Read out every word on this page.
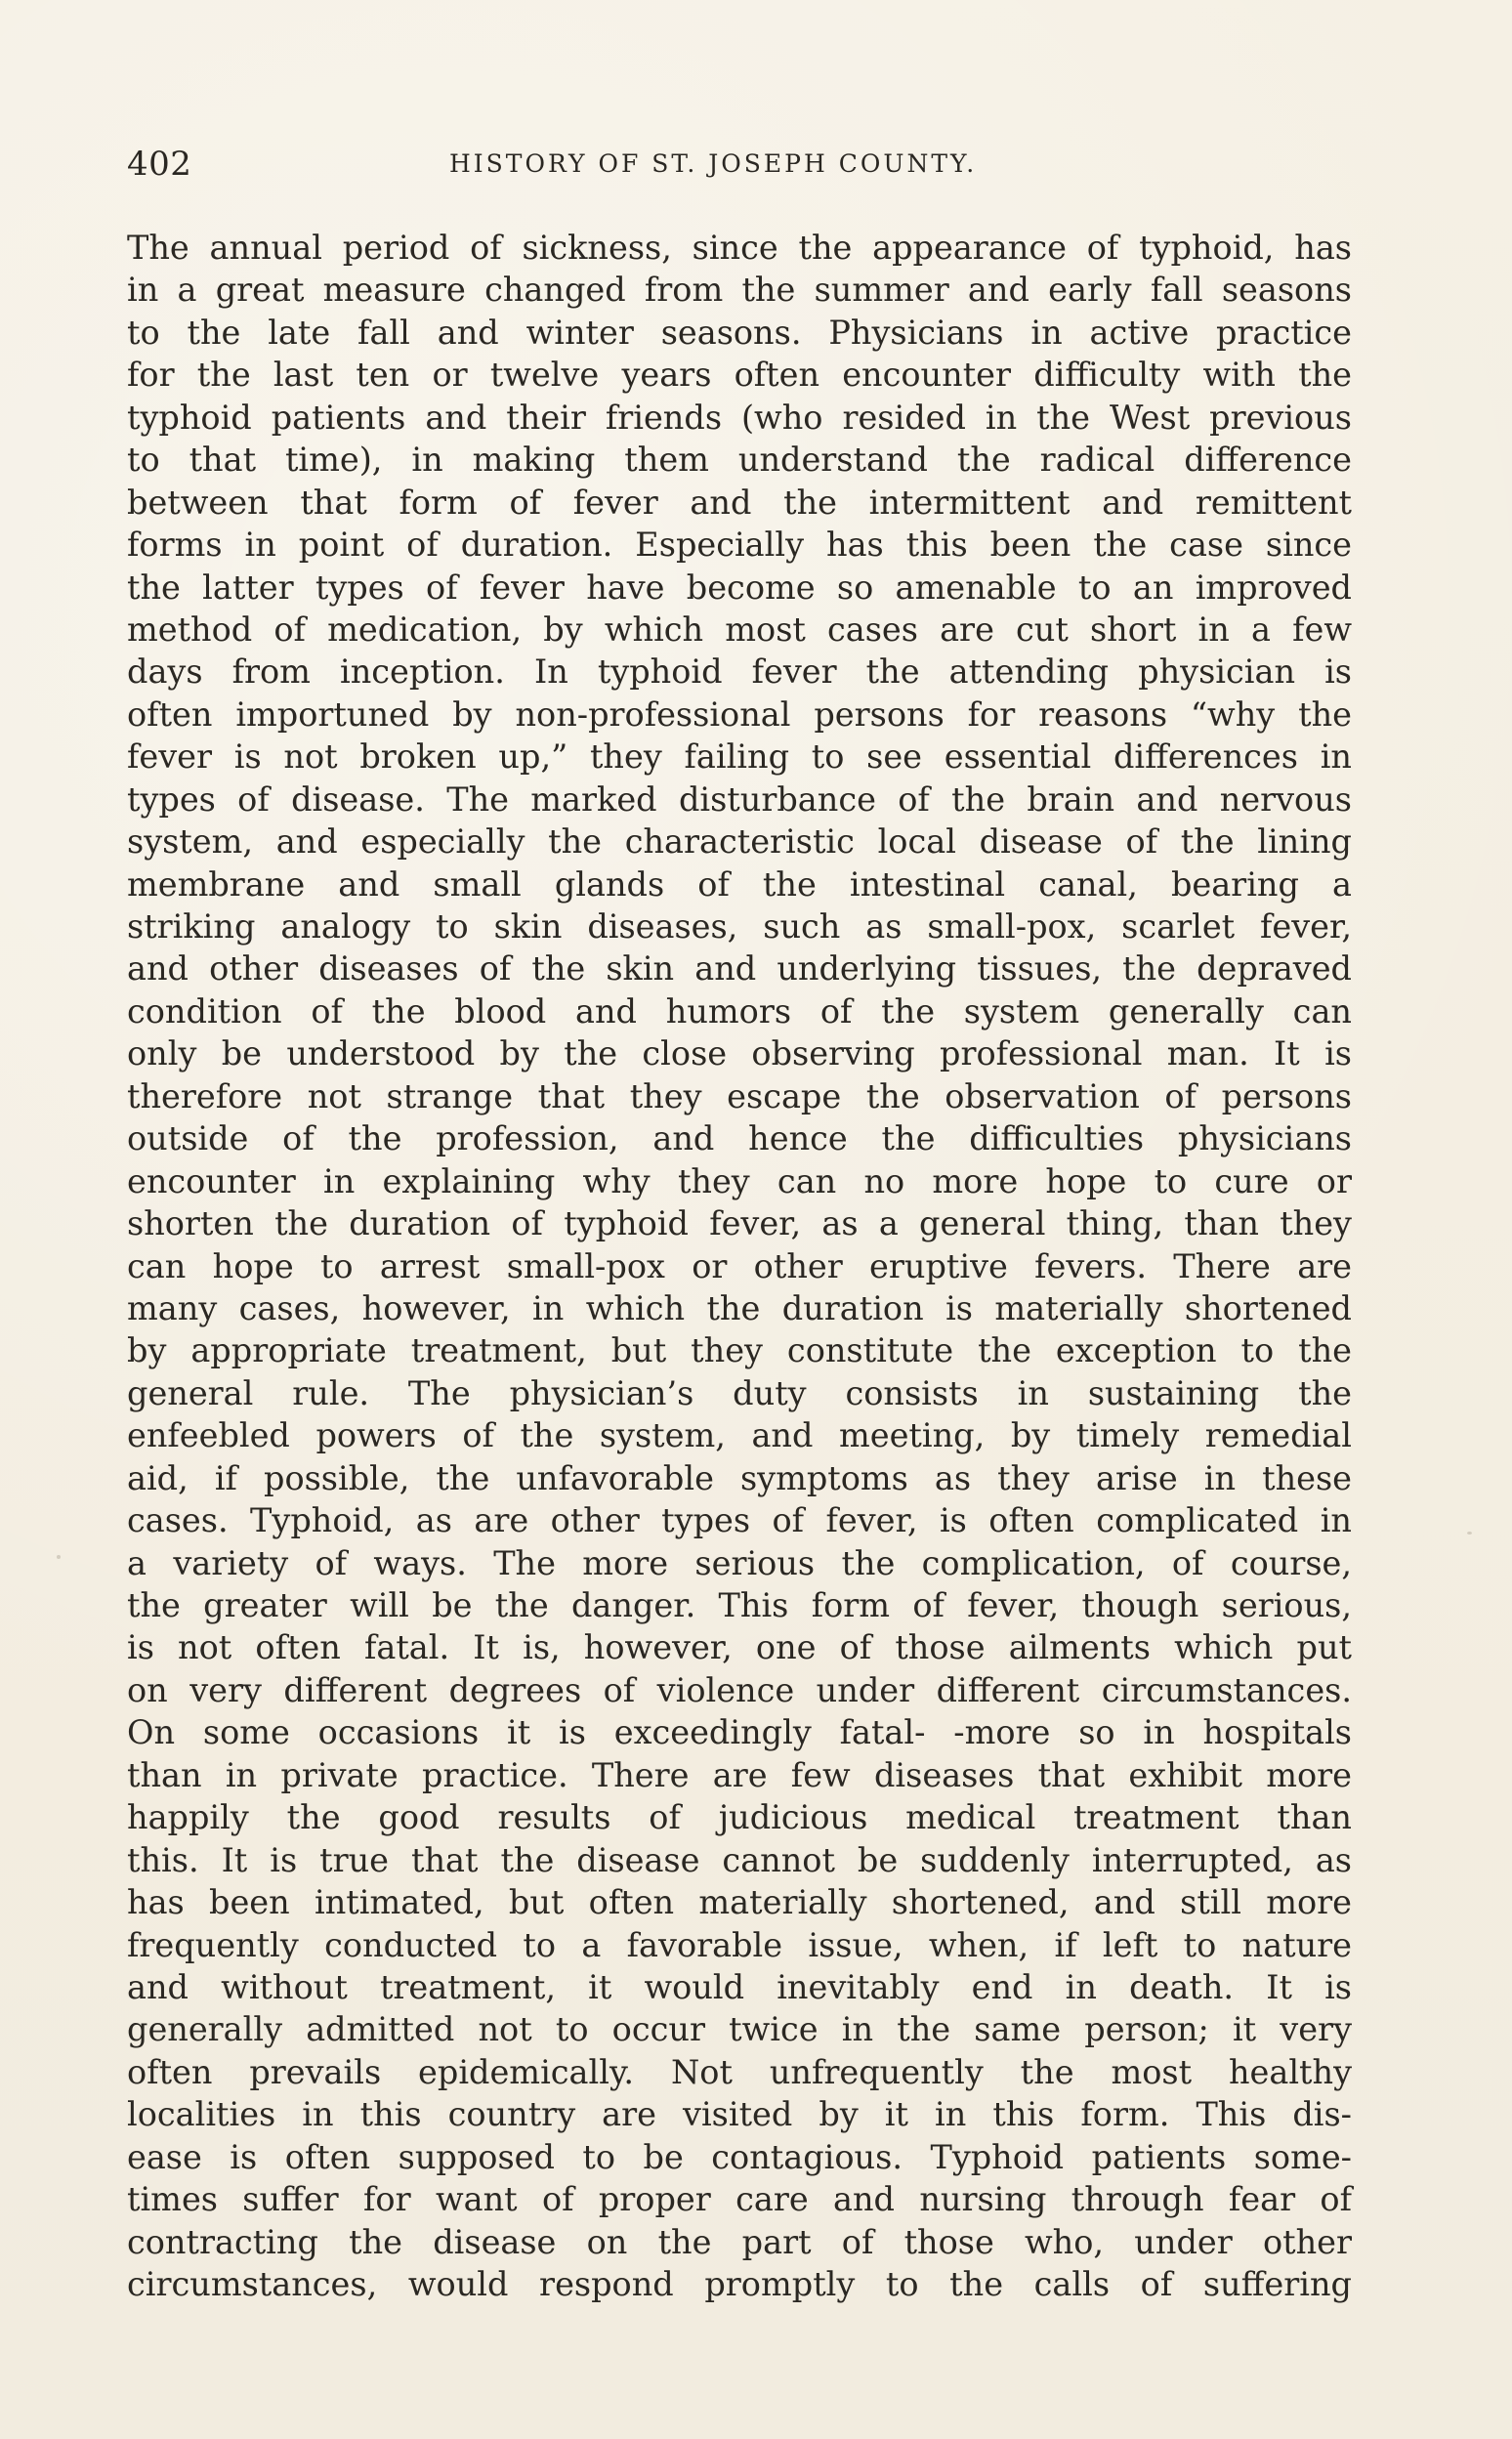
402	HISTORY OF ST. JOSEPH COUNTY.
The annual period of sickness, since the appearance of typhoid, has
in a great measure changed from the summer and early fall seasons
to the late fall and winter seasons. Physicians in active practice
for the last ten or twelve years often encounter difficulty with the
typhoid patients and their friends (who resided in the West previous
to that time), in making them understand the radical difference
between that form of fever and the intermittent and remittent
forms in point of duration. Especially has this been the case since
the latter types of fever have become so amenable to an improved
method of medication, by which most cases are cut short in a few
days from inception. In typhoid fever the attending physician is
often importuned by non-professional persons for reasons “why the
fever is not broken up,” they failing to see essential differences in
types of disease. The marked disturbance of the brain and nervous
system, and especially the characteristic local disease of the lining
membrane and small glands of the intestinal canal, bearing a
striking analogy to skin diseases, such as small-pox, scarlet fever,
and other diseases of the skin and underlying tissues, the depraved
condition of the blood and humors of the system generally can
only be understood by the close observing professional man. It is
therefore not strange that they escape the observation of persons
outside of the profession, and hence the difficulties physicians
encounter in explaining why they can no more hope to cure or
shorten the duration of typhoid fever, as a general thing, than they
can hope to arrest small-pox or other eruptive fevers. There are
many cases, however, in which the duration is materially shortened
by appropriate treatment, but they constitute the exception to the
general rule. The physician’s duty consists in sustaining the
enfeebled powers of the system, and meeting, by timely remedial
aid, if possible, the unfavorable symptoms as they arise in these
cases. Typhoid, as are other types of fever, is often complicated in
a variety of ways. The more serious the complication, of course,
the greater will be the danger. This form of fever, though serious,
is not often fatal. It is, however, one of those ailments which put
on very different degrees of violence under different circumstances.
On some occasions it is exceedingly fatal- -more so in hospitals
than in private practice. There are few diseases that exhibit more
happily the good results of judicious medical treatment than
this. It is true that the disease cannot be suddenly interrupted, as
has been intimated, but often materially shortened, and still more
frequently conducted to a favorable issue, when, if left to nature
and without treatment, it would inevitably end in death. It is
generally admitted not to occur twice in the same person; it very
often prevails epidemically. Not unfrequently the most healthy
localities in this country are visited by it in this form. This dis-
ease is often supposed to be contagious. Typhoid patients some-
times suffer for want of proper care and nursing through fear of
contracting the disease on the part of those who, under other
circumstances, would respond promptly to the calls of suffering
